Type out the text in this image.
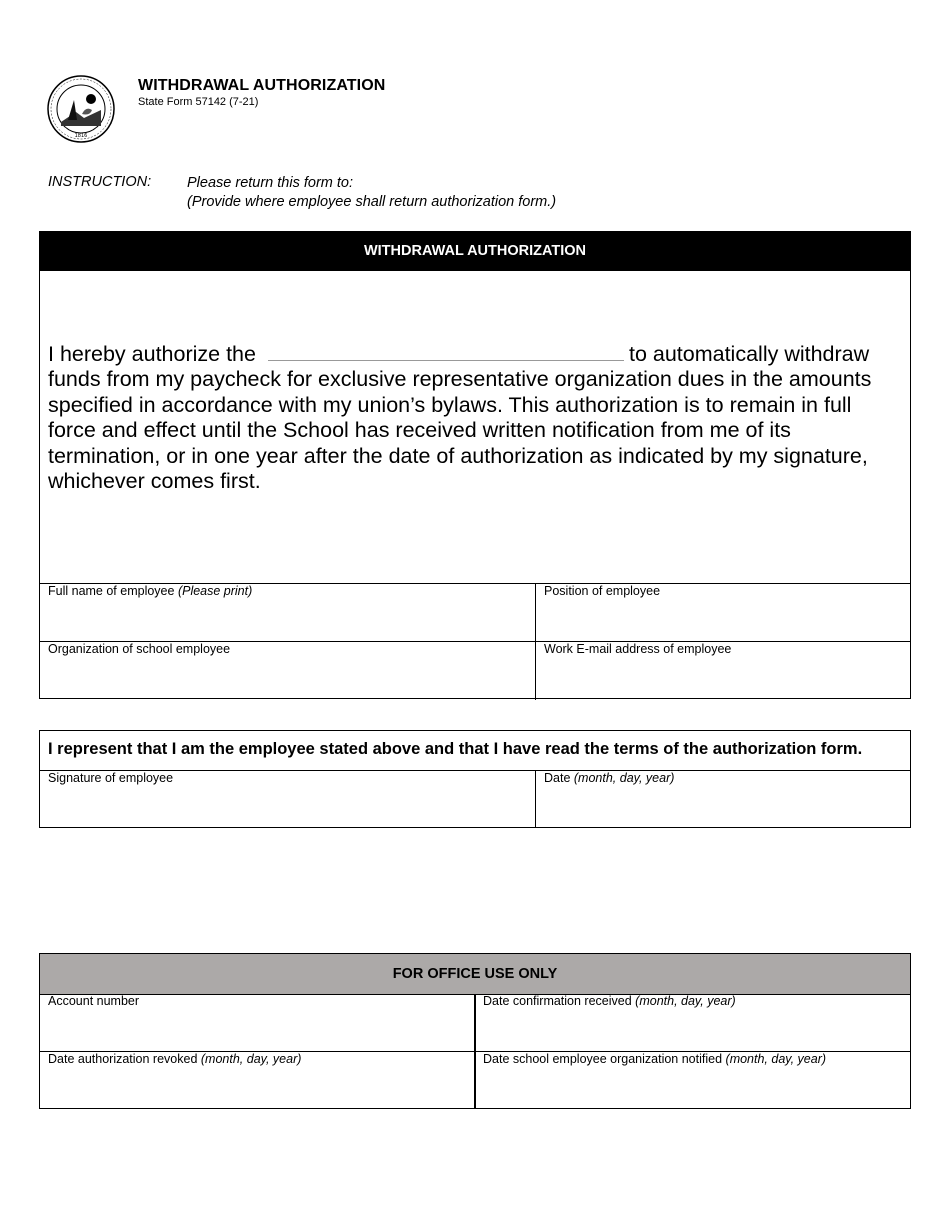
1816
WITHDRAWAL AUTHORIZATION
State Form 57142 (7-21)
INSTRUCTION: Please return this form to:
(Provide where employee shall return authorization form.)
WITHDRAWAL AUTHORIZATION
I hereby authorize the	to automatically withdraw funds from my paycheck for exclusive representative organization dues in the amounts specified in accordance with my union’s bylaws. This authorization is to remain in full force and effect until the School has received written notification from me of its termination, or in one year after the date of authorization as indicated by my signature, whichever comes first.
Full name of employee (Please print)	Position of employee
Organization of school employee	Work E-mail address of employee
I represent that I am the employee stated above and that I have read the terms of the authorization form.
Signature of employee	Date (month, day, year)
FOR OFFICE USE ONLY
Account number	Date confirmation received (month, day, year)
Date authorization revoked (month, day, year)	Date school employee organization notified (month, day, year)
